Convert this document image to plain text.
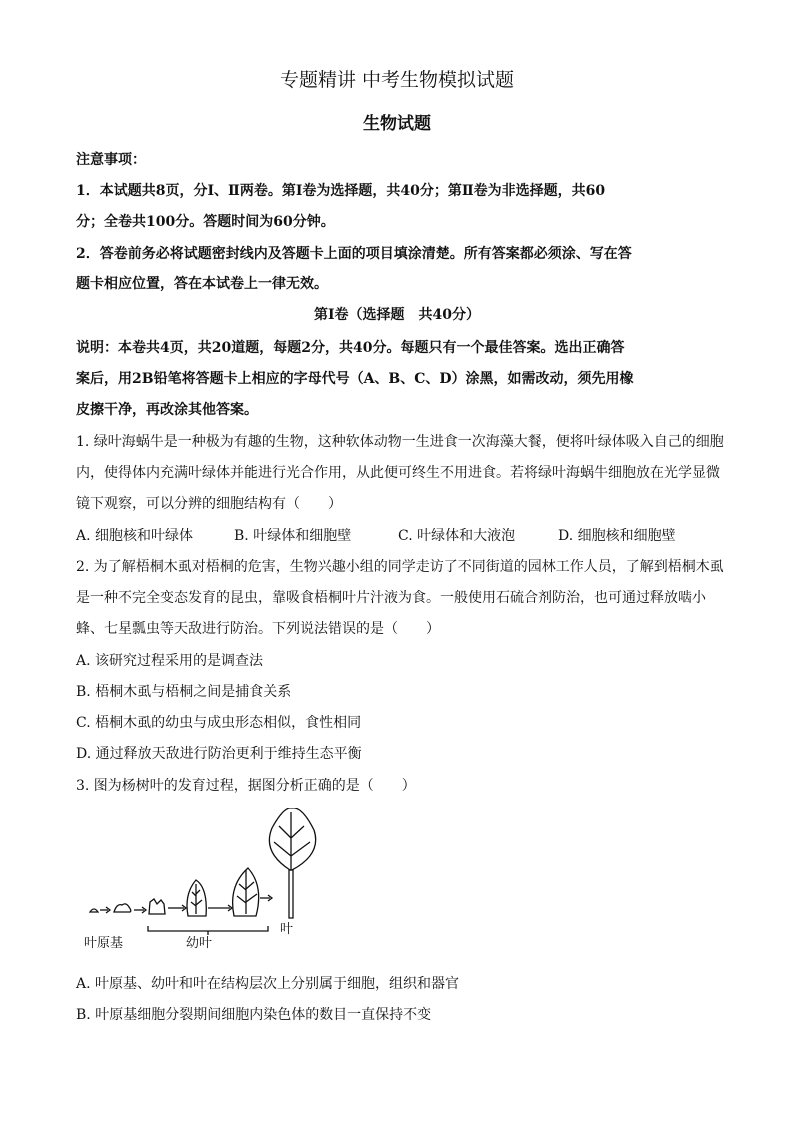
专题精讲 中考生物模拟试题
生物试题
注意事项：
1．本试题共8页，分Ⅰ、Ⅱ两卷。第Ⅰ卷为选择题，共40分；第Ⅱ卷为非选择题，共60
分；全卷共100分。答题时间为60分钟。
2．答卷前务必将试题密封线内及答题卡上面的项目填涂清楚。所有答案都必须涂、写在答
题卡相应位置，答在本试卷上一律无效。
第Ⅰ卷（选择题　共40分）
说明：本卷共4页，共20道题，每题2分，共40分。每题只有一个最佳答案。选出正确答
案后，用2B铅笔将答题卡上相应的字母代号（A、B、C、D）涂黑，如需改动，须先用橡
皮擦干净，再改涂其他答案。
1. 绿叶海蜗牛是一种极为有趣的生物，这种软体动物一生进食一次海藻大餐，便将叶绿体吸入自己的细胞
内，使得体内充满叶绿体并能进行光合作用，从此便可终生不用进食。若将绿叶海蜗牛细胞放在光学显微
镜下观察，可以分辨的细胞结构有（　　）
A. 细胞核和叶绿体	B. 叶绿体和细胞壁	C. 叶绿体和大液泡	D. 细胞核和细胞壁
2. 为了解梧桐木虱对梧桐的危害，生物兴趣小组的同学走访了不同街道的园林工作人员，了解到梧桐木虱
是一种不完全变态发育的昆虫，靠吸食梧桐叶片汁液为食。一般使用石硫合剂防治，也可通过释放啮小
蜂、七星瓢虫等天敌进行防治。下列说法错误的是（　　）
A. 该研究过程采用的是调查法
B. 梧桐木虱与梧桐之间是捕食关系
C. 梧桐木虱的幼虫与成虫形态相似，食性相同
D. 通过释放天敌进行防治更利于维持生态平衡
3. 图为杨树叶的发育过程，据图分析正确的是（　　）
叶原基	幼叶
叶
A. 叶原基、幼叶和叶在结构层次上分别属于细胞，组织和器官
B. 叶原基细胞分裂期间细胞内染色体的数目一直保持不变
